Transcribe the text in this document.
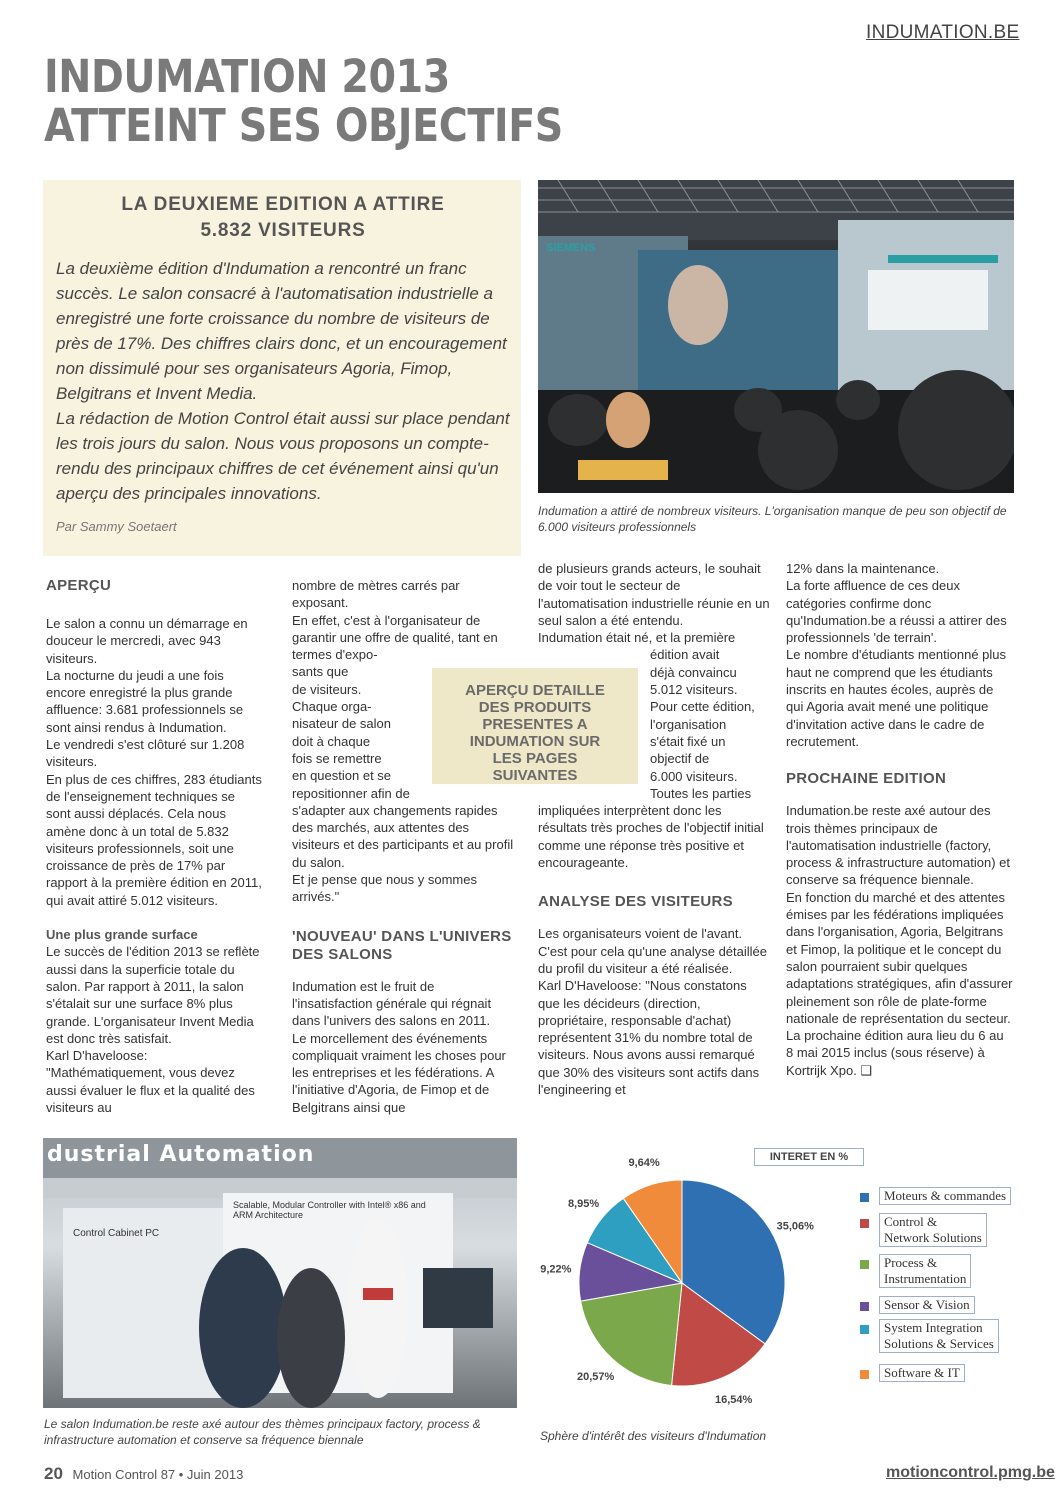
INDUMATION.BE
INDUMATION 2013
ATTEINT SES OBJECTIFS
LA DEUXIEME EDITION A ATTIRE
5.832 VISITEURS

La deuxième édition d'Indumation a rencontré un franc succès. Le salon consacré à l'automatisation industrielle a enregistré une forte croissance du nombre de visiteurs de près de 17%. Des chiffres clairs donc, et un encouragement non dissimulé pour ses organisateurs Agoria, Fimop, Belgitrans et Invent Media.

La rédaction de Motion Control était aussi sur place pendant les trois jours du salon. Nous vous proposons un compte-rendu des principaux chiffres de cet événement ainsi qu'un aperçu des principales innovations.

Par Sammy Soetaert
SIEMENS
Indumation a attiré de nombreux visiteurs. L'organisation manque de peu son objectif de 6.000 visiteurs professionnels
APERÇU

Le salon a connu un démarrage en douceur le mercredi, avec 943 visiteurs.

La nocturne du jeudi a une fois encore enregistré la plus grande affluence: 3.681 professionnels se sont ainsi rendus à Indumation.

Le vendredi s'est clôturé sur 1.208 visiteurs.

En plus de ces chiffres, 283 étudiants de l'enseignement techniques se sont aussi déplacés. Cela nous amène donc à un total de 5.832 visiteurs professionnels, soit une croissance de près de 17% par rapport à la première édition en 2011, qui avait attiré 5.012 visiteurs.

Une plus grande surface

Le succès de l'édition 2013 se reflète aussi dans la superficie totale du salon. Par rapport à 2011, la salon s'étalait sur une surface 8% plus grande. L'organisateur Invent Media est donc très satisfait.

Karl D'haveloose: "Mathématiquement, vous devez aussi évaluer le flux et la qualité des visiteurs au

nombre de mètres carrés par exposant.

En effet, c'est à l'organisateur de garantir une offre de qualité, tant en termes d'expo-

sants que

de visiteurs.

Chaque orga-

nisateur de salon

doit à chaque

fois se remettre

en question et se

repositionner afin de

s'adapter aux changements rapides des marchés, aux attentes des visiteurs et des participants et au profil du salon.

Et je pense que nous y sommes arrivés."

'NOUVEAU' DANS L'UNIVERS DES SALONS

Indumation est le fruit de l'insatisfaction générale qui régnait dans l'univers des salons en 2011.

Le morcellement des événements compliquait vraiment les choses pour les entreprises et les fédérations. A l'initiative d'Agoria, de Fimop et de Belgitrans ainsi que

APERÇU DETAILLE DES PRODUITS PRESENTES A INDUMATION SUR LES PAGES SUIVANTES

de plusieurs grands acteurs, le souhait de voir tout le secteur de l'automatisation industrielle réunie en un seul salon a été entendu.

Indumation était né, et la première

édition avait

déjà convaincu

5.012 visiteurs.

Pour cette édition,

l'organisation

s'était fixé un

objectif de

6.000 visiteurs.

Toutes les parties

impliquées interprètent donc les résultats très proches de l'objectif initial comme une réponse très positive et encourageante.

ANALYSE DES VISITEURS

Les organisateurs voient de l'avant. C'est pour cela qu'une analyse détaillée du profil du visiteur a été réalisée.

Karl D'Haveloose: "Nous constatons que les décideurs (direction, propriétaire, responsable d'achat) représentent 31% du nombre total de visiteurs. Nous avons aussi remarqué que 30% des visiteurs sont actifs dans l'engineering et

12% dans la maintenance.

La forte affluence de ces deux catégories confirme donc qu'Indumation.be a réussi a attirer des professionnels 'de terrain'.

Le nombre d'étudiants mentionné plus haut ne comprend que les étudiants inscrits en hautes écoles, auprès de qui Agoria avait mené une politique d'invitation active dans le cadre de recrutement.

PROCHAINE EDITION

Indumation.be reste axé autour des trois thèmes principaux de l'automatisation industrielle (factory, process & infrastructure automation) et conserve sa fréquence biennale.

En fonction du marché et des attentes émises par les fédérations impliquées dans l'organisation, Agoria, Belgitrans et Fimop, la politique et le concept du salon pourraient subir quelques adaptations stratégiques, afin d'assurer pleinement son rôle de plate-forme nationale de représentation du secteur.

La prochaine édition aura lieu du 6 au 8 mai 2015 inclus (sous réserve) à Kortrijk Xpo. ❑

dustrial Automation
Control Cabinet PC
Scalable, Modular Controller with Intel® x86 and ARM Architecture
Le salon Indumation.be reste axé autour des thèmes principaux factory, process & infrastructure automation et conserve sa fréquence biennale
35,06%
16,54%
20,57%
9,22%
8,95%
9,64%	INTERET EN %
Moteurs & commandes
Control &
Network Solutions
Process &
Instrumentation
Sensor & Vision
System Integration
Solutions & Services
Software & IT
Sphère d'intérêt des visiteurs d'Indumation
20 Motion Control 87 • Juin 2013	motioncontrol.pmg.be
